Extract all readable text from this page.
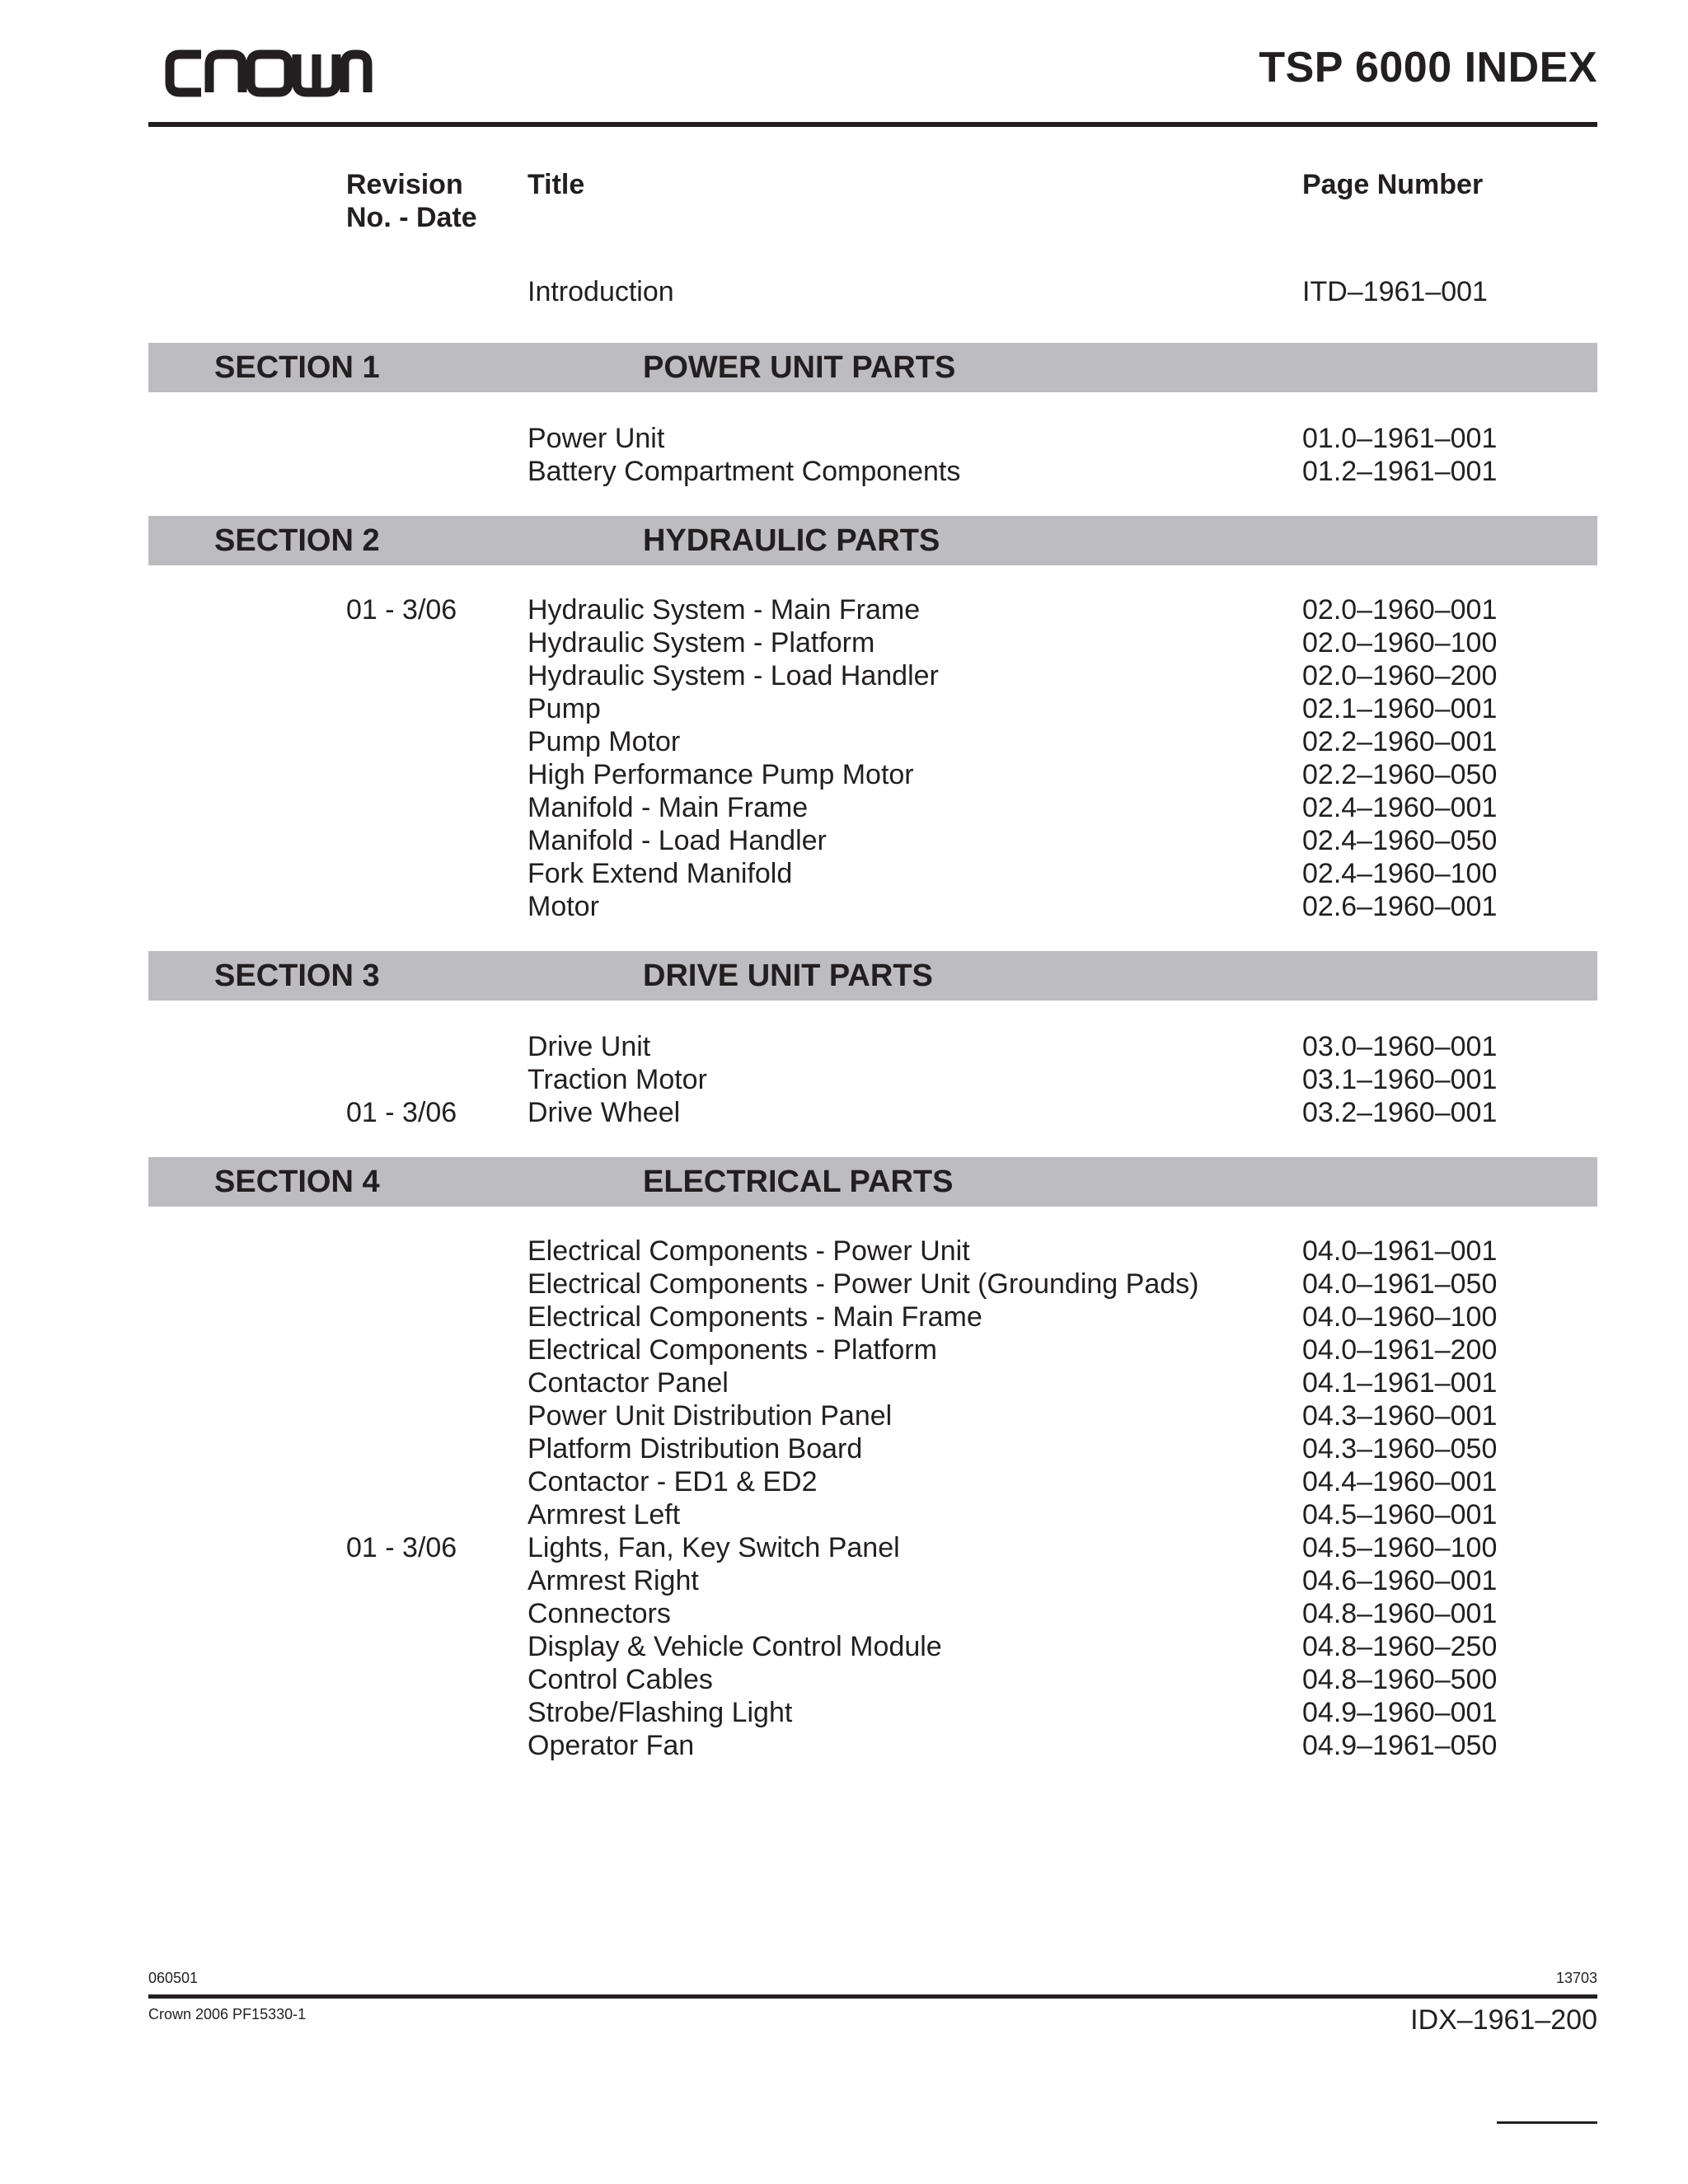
TSP 6000 INDEX
Revision
No. - Date
Title	Page Number
Introduction	ITD–1961–001
SECTION 1	POWER UNIT PARTS
Power Unit	01.0–1961–001
Battery Compartment Components	01.2–1961–001
SECTION 2	HYDRAULIC PARTS
01 - 3/06	Hydraulic System - Main Frame	02.0–1960–001
Hydraulic System - Platform	02.0–1960–100
Hydraulic System - Load Handler	02.0–1960–200
Pump	02.1–1960–001
Pump Motor	02.2–1960–001
High Performance Pump Motor	02.2–1960–050
Manifold - Main Frame	02.4–1960–001
Manifold - Load Handler	02.4–1960–050
Fork Extend Manifold	02.4–1960–100
Motor	02.6–1960–001
SECTION 3	DRIVE UNIT PARTS
Drive Unit	03.0–1960–001
Traction Motor	03.1–1960–001
01 - 3/06	Drive Wheel	03.2–1960–001
SECTION 4	ELECTRICAL PARTS
Electrical Components - Power Unit	04.0–1961–001
Electrical Components - Power Unit (Grounding Pads)	04.0–1961–050
Electrical Components - Main Frame	04.0–1960–100
Electrical Components - Platform	04.0–1961–200
Contactor Panel	04.1–1961–001
Power Unit Distribution Panel	04.3–1960–001
Platform Distribution Board	04.3–1960–050
Contactor - ED1 & ED2	04.4–1960–001
Armrest Left	04.5–1960–001
01 - 3/06	Lights, Fan, Key Switch Panel	04.5–1960–100
Armrest Right	04.6–1960–001
Connectors	04.8–1960–001
Display & Vehicle Control Module	04.8–1960–250
Control Cables	04.8–1960–500
Strobe/Flashing Light	04.9–1960–001
Operator Fan	04.9–1961–050
060501	13703
Crown 2006 PF15330-1	IDX–1961–200
